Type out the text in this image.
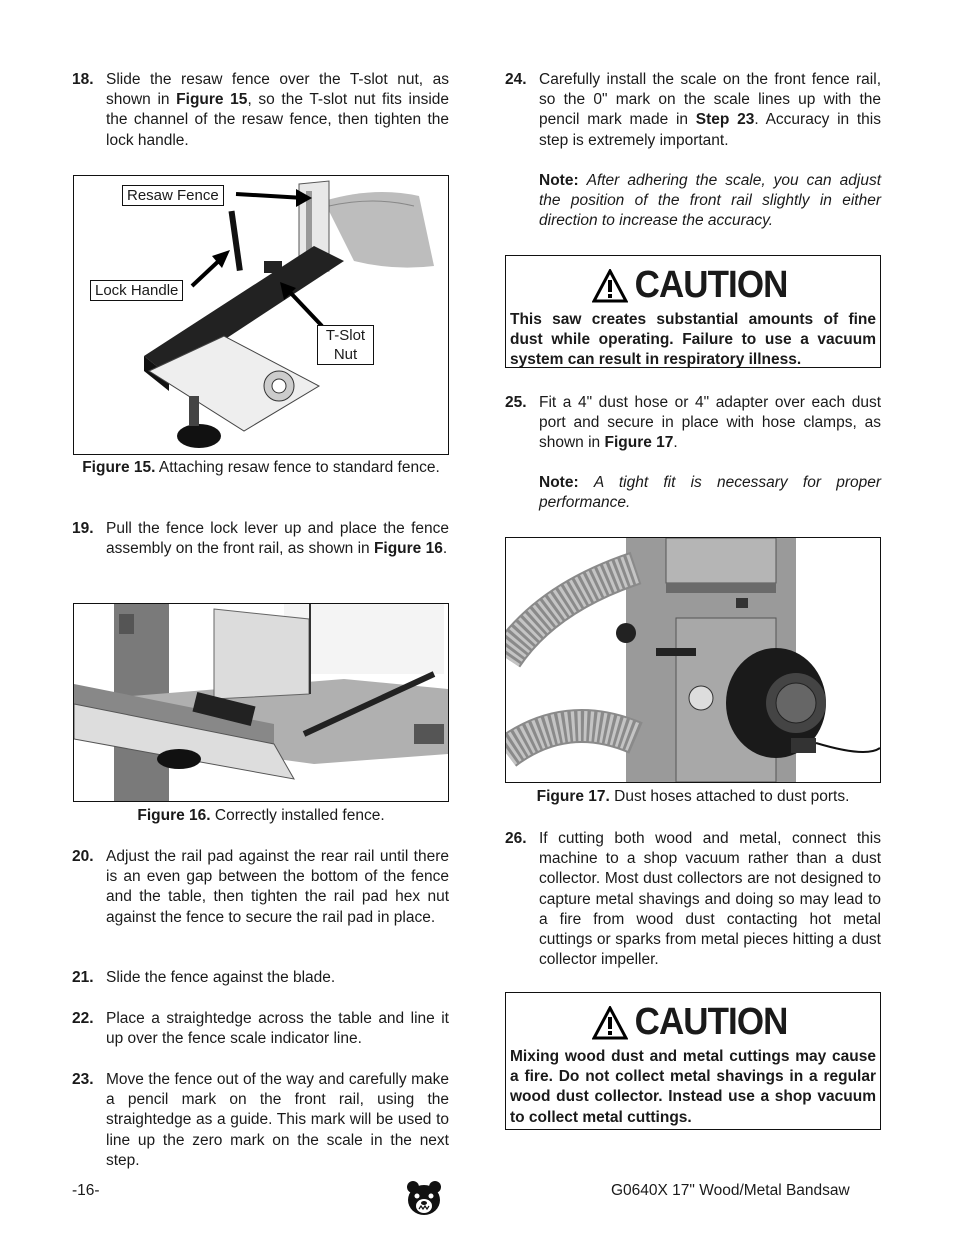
18. Slide the resaw fence over the T-slot nut, as shown in Figure 15, so the T-slot nut fits inside the channel of the resaw fence, then tighten the lock handle.
Resaw Fence
Lock Handle
T-Slot
Nut
Figure 15. Attaching resaw fence to standard fence.
19. Pull the fence lock lever up and place the fence assembly on the front rail, as shown in Figure 16.
Figure 16. Correctly installed fence.
20. Adjust the rail pad against the rear rail until there is an even gap between the bottom of the fence and the table, then tighten the rail pad hex nut against the fence to secure the rail pad in place.
21. Slide the fence against the blade.
22. Place a straightedge across the table and line it up over the fence scale indicator line.
23. Move the fence out of the way and carefully make a pencil mark on the front rail, using the straightedge as a guide. This mark will be used to line up the zero mark on the scale in the next step.
24. Carefully install the scale on the front fence rail, so the 0" mark on the scale lines up with the pencil mark made in Step 23. Accuracy in this step is extremely important.
Note: After adhering the scale, you can adjust the position of the front rail slightly in either direction to increase the accuracy.
CAUTION
This saw creates substantial amounts of fine dust while operating. Failure to use a vacuum system can result in respiratory illness.
25. Fit a 4" dust hose or 4" adapter over each dust port and secure in place with hose clamps, as shown in Figure 17.
Note: A tight fit is necessary for proper performance.
Figure 17. Dust hoses attached to dust ports.
26. If cutting both wood and metal, connect this machine to a shop vacuum rather than a dust collector. Most dust collectors are not designed to capture metal shavings and doing so may lead to a fire from wood dust contacting hot metal cuttings or sparks from metal pieces hitting a dust collector impeller.
CAUTION
Mixing wood dust and metal cuttings may cause a fire. Do not collect metal shavings in a regular wood dust collector. Instead use a shop vacuum to collect metal cuttings.
-16-	G0640X 17" Wood/Metal Bandsaw
